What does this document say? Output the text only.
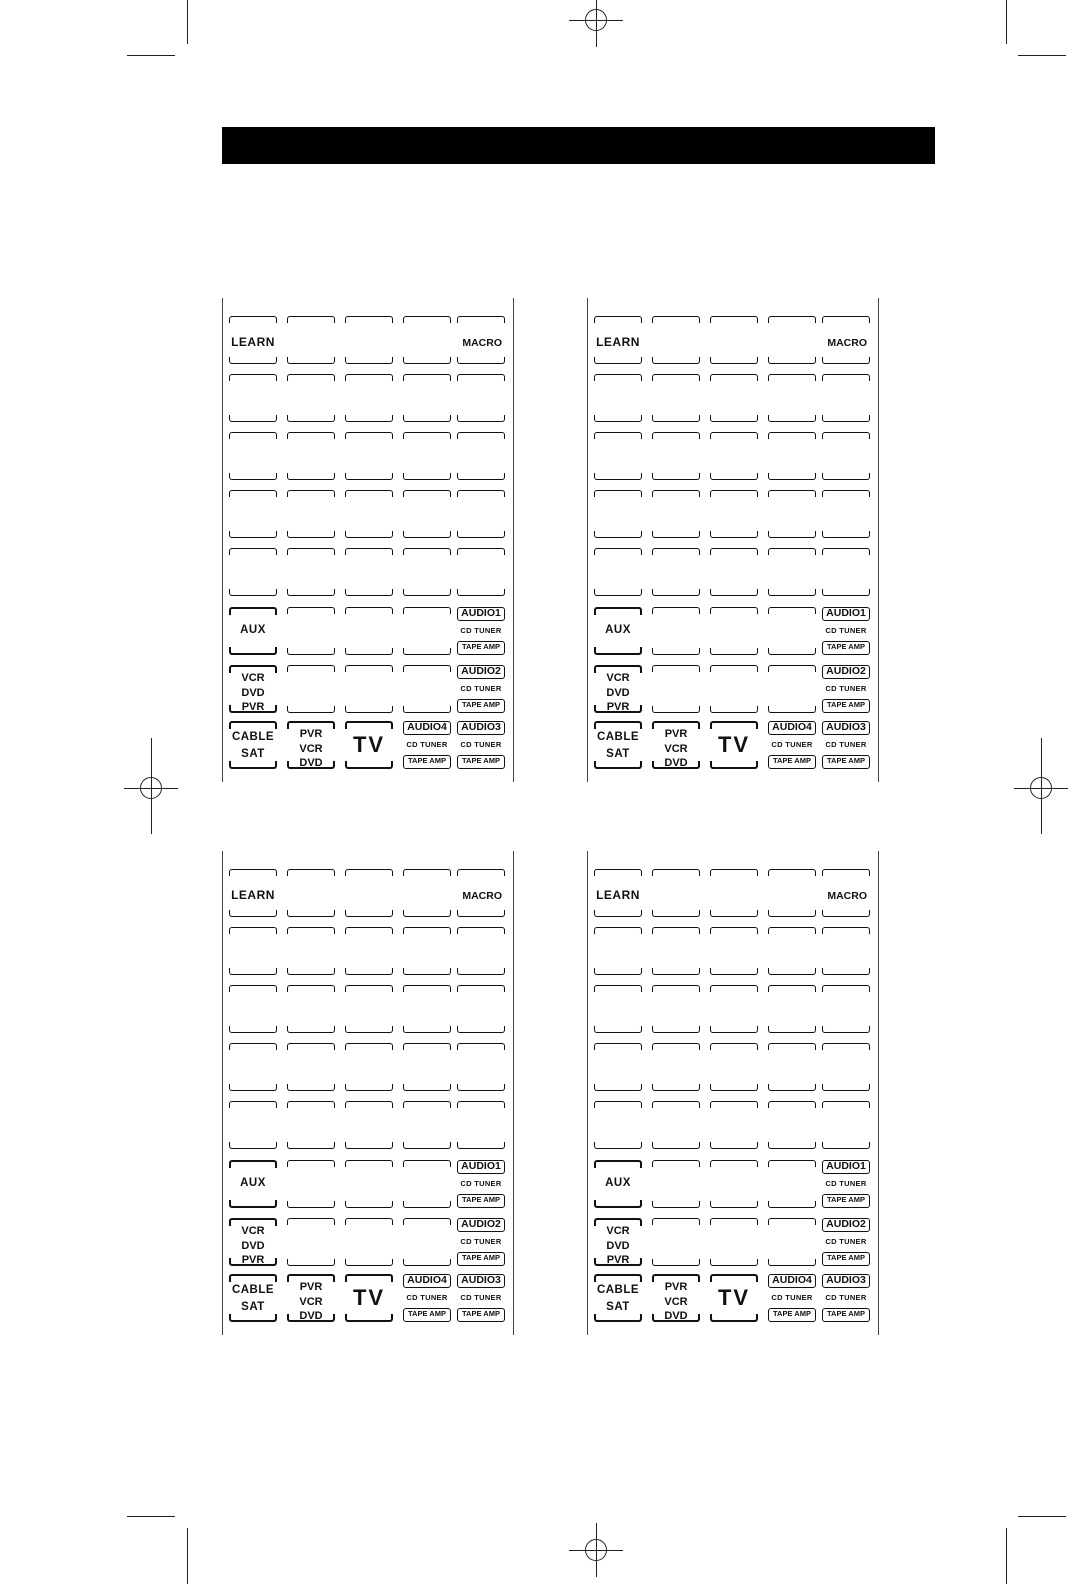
LEARN	MACRO
AUX
AUDIO1
CD TUNER
TAPE AMP
VCR
DVD
PVR
AUDIO2
CD TUNER
TAPE AMP
CABLE
SAT
PVR
VCR
DVD
TV
AUDIO4
CD TUNER
TAPE AMP
AUDIO3
CD TUNER
TAPE AMP
LEARN	MACRO
AUX
AUDIO1
CD TUNER
TAPE AMP
VCR
DVD
PVR
AUDIO2
CD TUNER
TAPE AMP
CABLE
SAT
PVR
VCR
DVD
TV
AUDIO4
CD TUNER
TAPE AMP
AUDIO3
CD TUNER
TAPE AMP
LEARN	MACRO
AUX
AUDIO1
CD TUNER
TAPE AMP
VCR
DVD
PVR
AUDIO2
CD TUNER
TAPE AMP
CABLE
SAT
PVR
VCR
DVD
TV
AUDIO4
CD TUNER
TAPE AMP
AUDIO3
CD TUNER
TAPE AMP
LEARN	MACRO
AUX
AUDIO1
CD TUNER
TAPE AMP
VCR
DVD
PVR
AUDIO2
CD TUNER
TAPE AMP
CABLE
SAT
PVR
VCR
DVD
TV
AUDIO4
CD TUNER
TAPE AMP
AUDIO3
CD TUNER
TAPE AMP
